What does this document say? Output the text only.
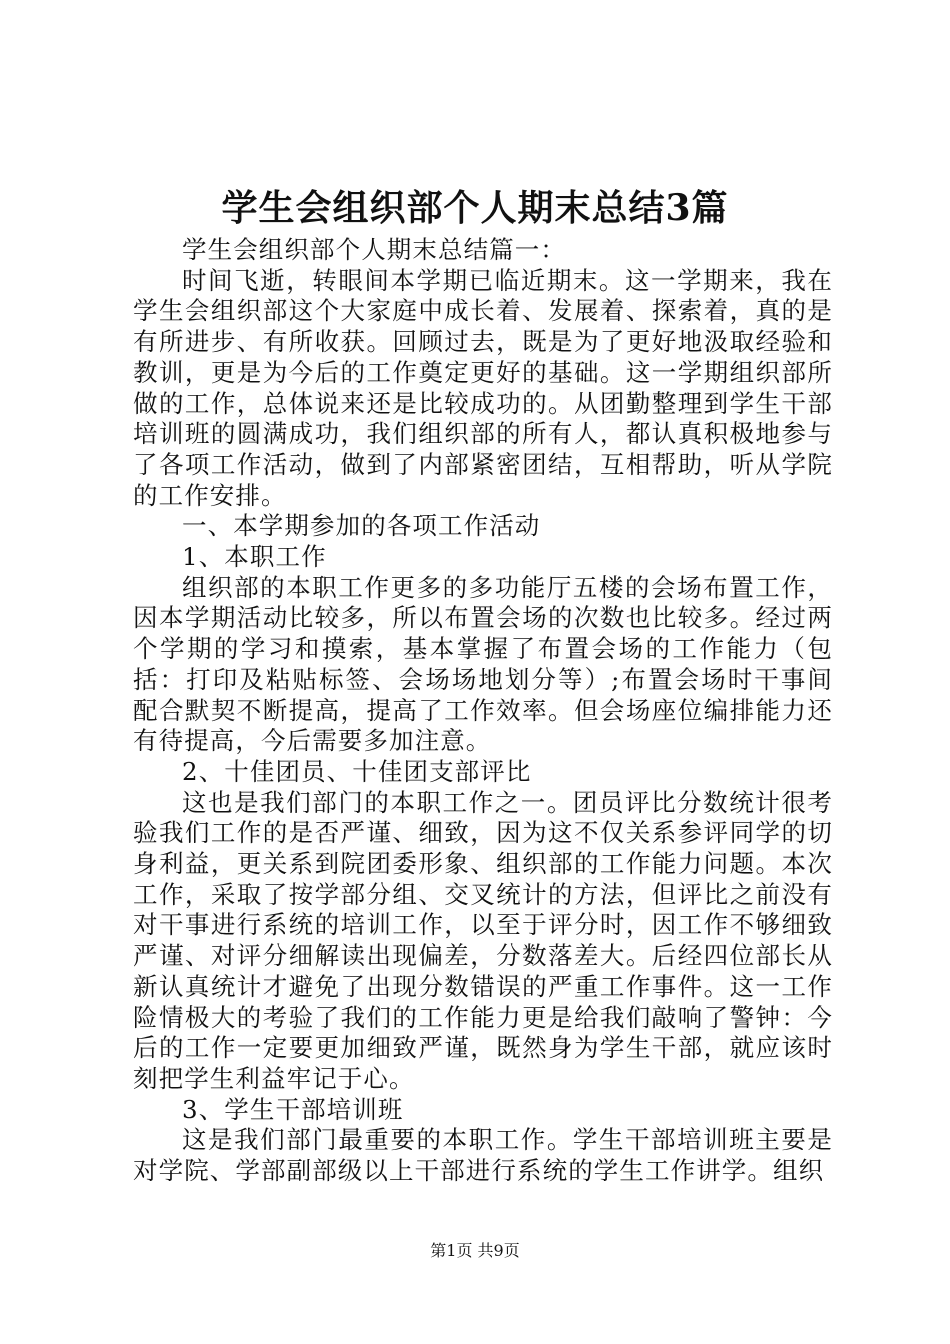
学生会组织部个人期末总结3篇

学生会组织部个人期末总结篇一：

时间飞逝，转眼间本学期已临近期末。这一学期来，我在学生会组织部这个大家庭中成长着、发展着、探索着，真的是有所进步、有所收获。回顾过去，既是为了更好地汲取经验和教训，更是为今后的工作奠定更好的基础。这一学期组织部所做的工作，总体说来还是比较成功的。从团勤整理到学生干部培训班的圆满成功，我们组织部的所有人，都认真积极地参与了各项工作活动，做到了内部紧密团结，互相帮助，听从学院的工作安排。

一、本学期参加的各项工作活动

1、本职工作

组织部的本职工作更多的多功能厅五楼的会场布置工作，因本学期活动比较多，所以布置会场的次数也比较多。经过两个学期的学习和摸索，基本掌握了布置会场的工作能力（包括：打印及粘贴标签、会场场地划分等）;布置会场时干事间配合默契不断提高，提高了工作效率。但会场座位编排能力还有待提高，今后需要多加注意。

2、十佳团员、十佳团支部评比

这也是我们部门的本职工作之一。团员评比分数统计很考验我们工作的是否严谨、细致，因为这不仅关系参评同学的切身利益，更关系到院团委形象、组织部的工作能力问题。本次工作，采取了按学部分组、交叉统计的方法，但评比之前没有对干事进行系统的培训工作，以至于评分时，因工作不够细致严谨、对评分细解读出现偏差，分数落差大。后经四位部长从新认真统计才避免了出现分数错误的严重工作事件。这一工作险情极大的考验了我们的工作能力更是给我们敲响了警钟：今后的工作一定要更加细致严谨，既然身为学生干部，就应该时刻把学生利益牢记于心。

3、学生干部培训班

这是我们部门最重要的本职工作。学生干部培训班主要是对学院、学部副部级以上干部进行系统的学生工作讲学。组织

第1页 共9页
